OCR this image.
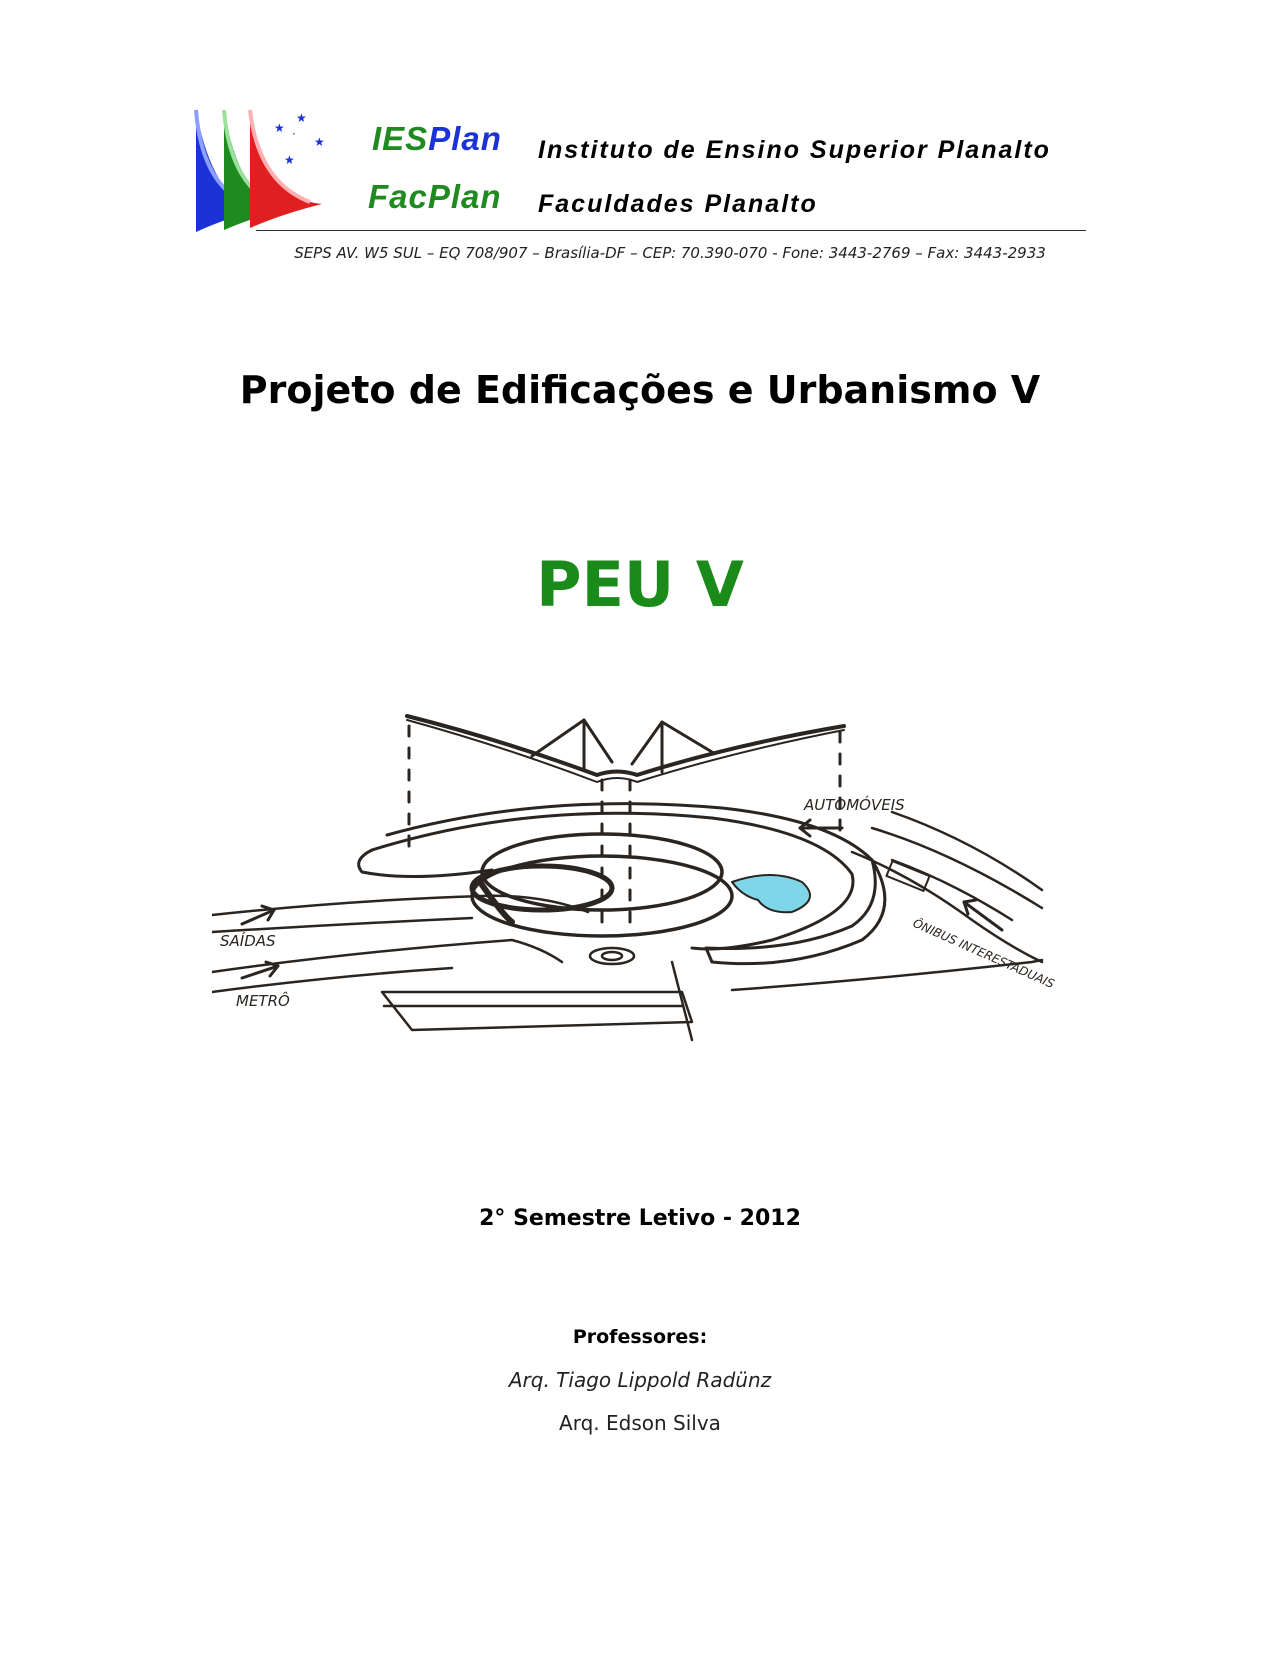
★
★
·
★
★
IESPlan
FacPlan
Instituto de Ensino Superior Planalto
Faculdades Planalto
SEPS AV. W5 SUL – EQ 708/907 – Brasília-DF – CEP: 70.390-070 - Fone: 3443-2769 – Fax: 3443-2933
Projeto de Edificações e Urbanismo V
PEU V
AUTOMÓVEIS
SAÍDAS
METRÔ
ÔNIBUS INTERESTADUAIS
2° Semestre Letivo - 2012
Professores:
Arq. Tiago Lippold Radünz
Arq. Edson Silva
